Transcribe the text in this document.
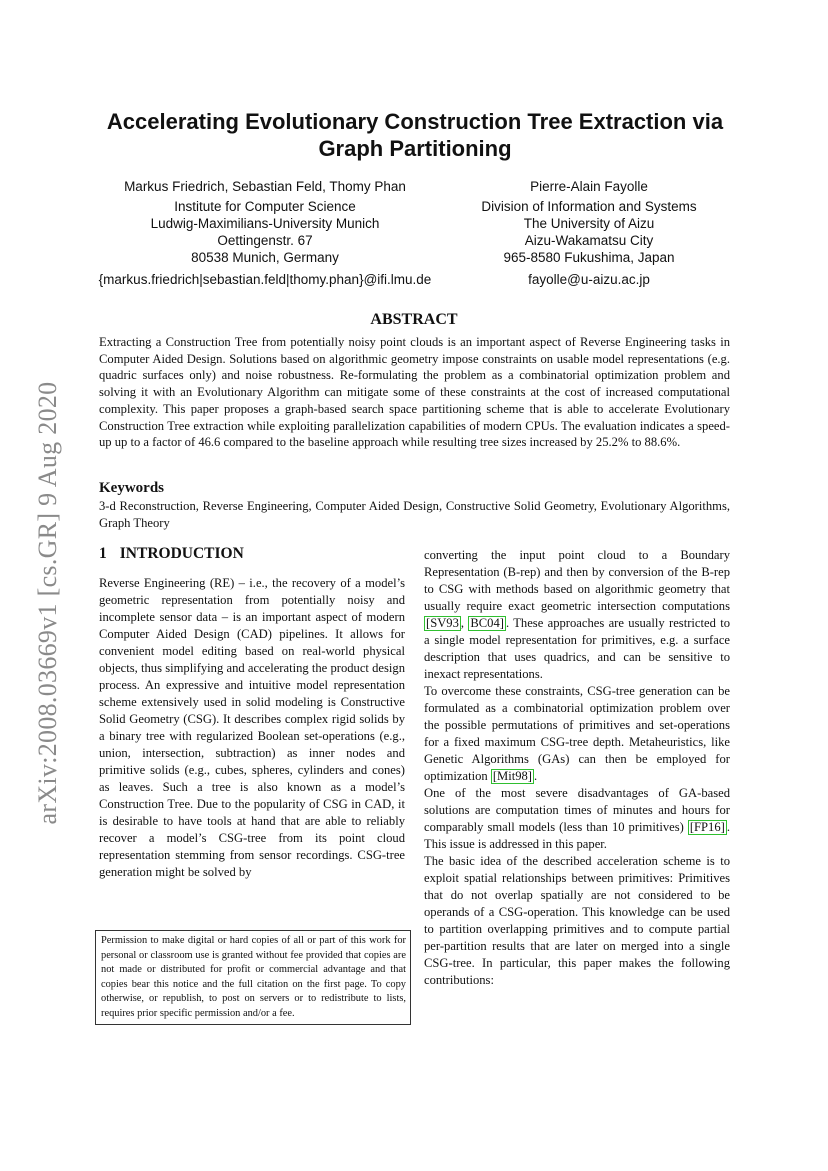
arXiv:2008.03669v1 [cs.GR] 9 Aug 2020
Accelerating Evolutionary Construction Tree Extraction via Graph Partitioning
Markus Friedrich, Sebastian Feld, Thomy Phan
Institute for Computer Science
Ludwig-Maximilians-University Munich
Oettingenstr. 67
80538 Munich, Germany
{markus.friedrich|sebastian.feld|thomy.phan}@ifi.lmu.de
Pierre-Alain Fayolle
Division of Information and Systems
The University of Aizu
Aizu-Wakamatsu City
965-8580 Fukushima, Japan
fayolle@u-aizu.ac.jp
ABSTRACT

Extracting a Construction Tree from potentially noisy point clouds is an important aspect of Reverse Engineering tasks in Computer Aided Design. Solutions based on algorithmic geometry impose constraints on usable model representations (e.g. quadric surfaces only) and noise robustness. Re-formulating the problem as a combinatorial optimization problem and solving it with an Evolutionary Algorithm can mitigate some of these constraints at the cost of increased computational complexity. This paper proposes a graph-based search space partitioning scheme that is able to accelerate Evolutionary Construction Tree extraction while exploiting parallelization capabilities of modern CPUs. The evaluation indicates a speed-up up to a factor of 46.6 compared to the baseline approach while resulting tree sizes increased by 25.2% to 88.6%.

Keywords

3-d Reconstruction, Reverse Engineering, Computer Aided Design, Constructive Solid Geometry, Evolutionary Algorithms, Graph Theory

1 INTRODUCTION

Reverse Engineering (RE) – i.e., the recovery of a model’s geometric representation from potentially noisy and incomplete sensor data – is an important aspect of modern Computer Aided Design (CAD) pipelines. It allows for convenient model editing based on real-world physical objects, thus simplifying and accelerating the product design process. An expressive and intuitive model representation scheme extensively used in solid modeling is Constructive Solid Geometry (CSG). It describes complex rigid solids by a binary tree with regularized Boolean set-operations (e.g., union, intersection, subtraction) as inner nodes and primitive solids (e.g., cubes, spheres, cylinders and cones) as leaves. Such a tree is also known as a model’s Construction Tree. Due to the popularity of CSG in CAD, it is desirable to have tools at hand that are able to reliably recover a model’s CSG-tree from its point cloud representation stemming from sensor recordings. CSG-tree generation might be solved by

converting the input point cloud to a Boundary Representation (B-rep) and then by conversion of the B-rep to CSG with methods based on algorithmic geometry that usually require exact geometric intersection computations [SV93 , BC04] . These approaches are usually restricted to a single model representation for primitives, e.g. a surface description that uses quadrics, and can be sensitive to inexact representations.

To overcome these constraints, CSG-tree generation can be formulated as a combinatorial optimization problem over the possible permutations of primitives and set-operations for a fixed maximum CSG-tree depth. Metaheuristics, like Genetic Algorithms (GAs) can then be employed for optimization [Mit98] .

One of the most severe disadvantages of GA-based solutions are computation times of minutes and hours for comparably small models (less than 10 primitives) [FP16] . This issue is addressed in this paper.

The basic idea of the described acceleration scheme is to exploit spatial relationships between primitives: Primitives that do not overlap spatially are not considered to be operands of a CSG-operation. This knowledge can be used to partition overlapping primitives and to compute partial per-partition results that are later on merged into a single CSG-tree. In particular, this paper makes the following contributions:

Permission to make digital or hard copies of all or part of this work for personal or classroom use is granted without fee provided that copies are not made or distributed for profit or commercial advantage and that copies bear this notice and the full citation on the first page. To copy otherwise, or republish, to post on servers or to redistribute to lists, requires prior specific permission and/or a fee.
